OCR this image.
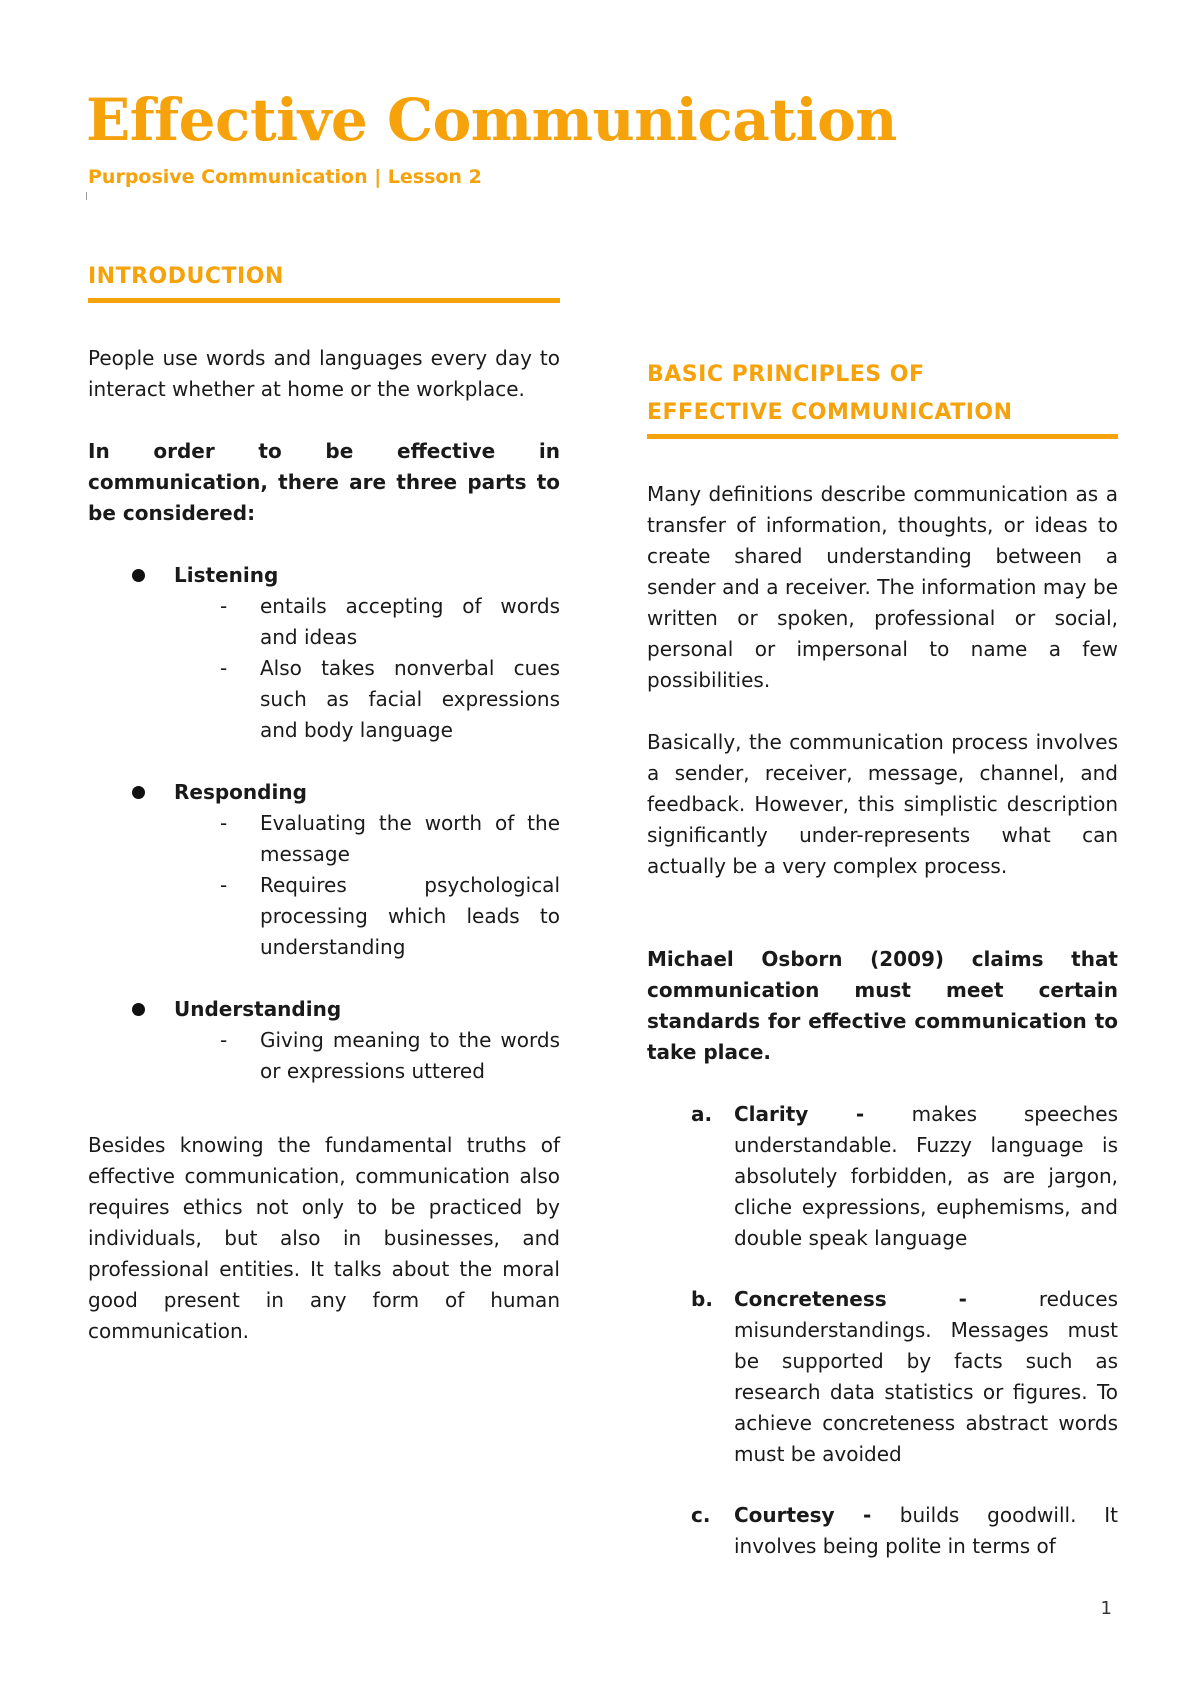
Effective Communication
Purposive Communication | Lesson 2
INTRODUCTION

People use words and languages every day to interact whether at home or the workplace.

In order to be effective in communication, there are three parts to be considered:

Listening
- entails accepting of words and ideas

- Also takes nonverbal cues such as facial expressions and body language

Responding
- Evaluating the worth of the message

- Requires psychological processing which leads to understanding

Understanding
- Giving meaning to the words or expressions uttered

Besides knowing the fundamental truths of effective communication, communication also requires ethics not only to be practiced by individuals, but also in businesses, and professional entities. It talks about the moral good present in any form of human communication.

BASIC PRINCIPLES OF
EFFECTIVE COMMUNICATION

Many definitions describe communication as a transfer of information, thoughts, or ideas to create shared understanding between a sender and a receiver. The information may be written or spoken, professional or social, personal or impersonal to name a few possibilities.

Basically, the communication process involves a sender, receiver, message, channel, and feedback. However, this simplistic description significantly under-represents what can actually be a very complex process.

Michael Osborn (2009) claims that communication must meet certain standards for effective communication to take place.

a. Clarity - makes speeches understandable. Fuzzy language is absolutely forbidden, as are jargon, cliche expressions, euphemisms, and double speak language
b. Concreteness - reduces misunderstandings. Messages must be supported by facts such as research data statistics or figures. To achieve concreteness abstract words must be avoided
c. Courtesy - builds goodwill. It involves being polite in terms of
1
